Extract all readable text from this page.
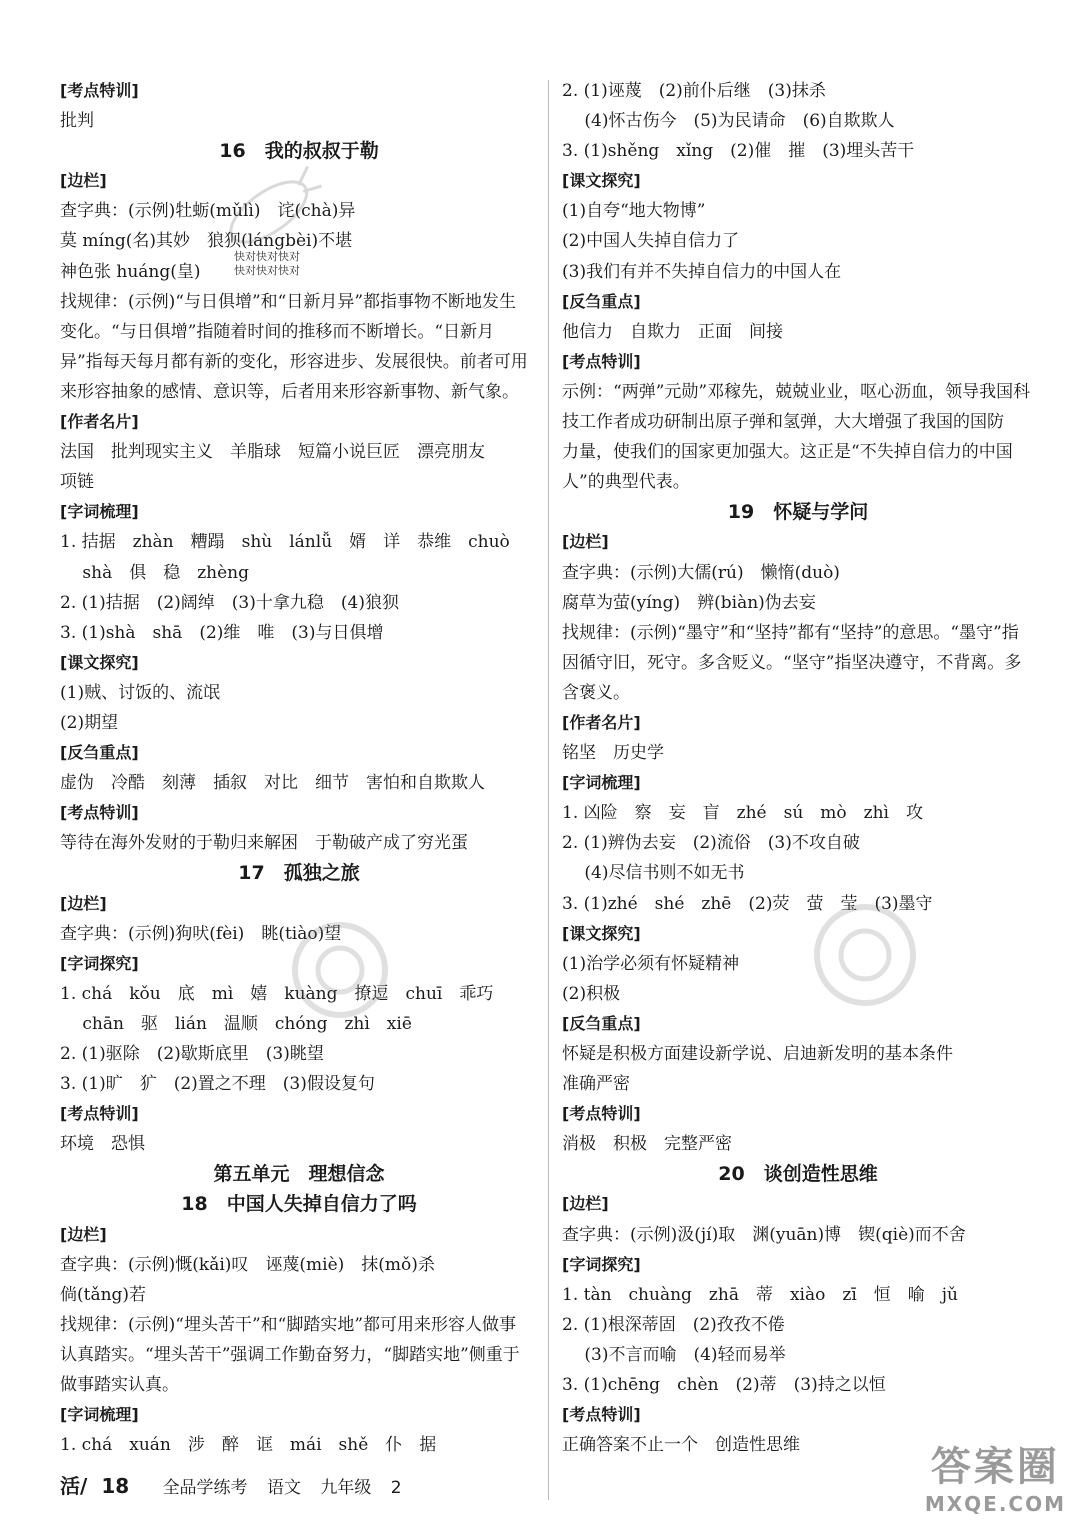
[考点特训]
批判
16　我的叔叔于勒
[边栏]
查字典：(示例)牡蛎(mǔlì)　诧(chà)异
莫 míng(名)其妙　狼狈(lángbèi)不堪
神色张 huáng(皇)
找规律：(示例)“与日俱增”和“日新月异”都指事物不断地发生
变化。“与日俱增”指随着时间的推移而不断增长。“日新月
异”指每天每月都有新的变化，形容进步、发展很快。前者可用
来形容抽象的感情、意识等，后者用来形容新事物、新气象。
[作者名片]
法国　批判现实主义　羊脂球　短篇小说巨匠　漂亮朋友
项链
[字词梳理]
1. 拮据　zhàn　糟蹋　shù　lánlǚ　婿　详　恭维　chuò
　 shà　俱　稳　zhèng
2. (1)拮据　(2)阔绰　(3)十拿九稳　(4)狼狈
3. (1)shà　shā　(2)维　唯　(3)与日俱增
[课文探究]
(1)贼、讨饭的、流氓
(2)期望
[反刍重点]
虚伪　冷酷　刻薄　插叙　对比　细节　害怕和自欺欺人
[考点特训]
等待在海外发财的于勒归来解困　于勒破产成了穷光蛋
17　孤独之旅
[边栏]
查字典：(示例)狗吠(fèi)　眺(tiào)望
[字词探究]
1. chá　kǒu　底　mì　嬉　kuàng　撩逗　chuī　乖巧
　 chān　驱　lián　温顺　chóng　zhì　xiē
2. (1)驱除　(2)歇斯底里　(3)眺望
3. (1)旷　犷　(2)置之不理　(3)假设复句
[考点特训]
环境　恐惧
第五单元　理想信念
18　中国人失掉自信力了吗
[边栏]
查字典：(示例)慨(kǎi)叹　诬蔑(miè)　抹(mǒ)杀
倘(tǎng)若
找规律：(示例)“埋头苦干”和“脚踏实地”都可用来形容人做事
认真踏实。“埋头苦干”强调工作勤奋努力，“脚踏实地”侧重于
做事踏实认真。
[字词梳理]
1. chá　xuán　涉　醉　诓　mái　shě　仆　据
2. (1)诬蔑　(2)前仆后继　(3)抹杀
　 (4)怀古伤今　(5)为民请命　(6)自欺欺人
3. (1)shěng　xǐng　(2)催　摧　(3)埋头苦干
[课文探究]
(1)自夸“地大物博”
(2)中国人失掉自信力了
(3)我们有并不失掉自信力的中国人在
[反刍重点]
他信力　自欺力　正面　间接
[考点特训]
示例：“两弹”元勋”邓稼先，兢兢业业，呕心沥血，领导我国科
技工作者成功研制出原子弹和氢弹，大大增强了我国的国防
力量，使我们的国家更加强大。这正是“不失掉自信力的中国
人”的典型代表。
19　怀疑与学问
[边栏]
查字典：(示例)大儒(rú)　懒惰(duò)
腐草为萤(yíng)　辨(biàn)伪去妄
找规律：(示例)“墨守”和“坚持”都有“坚持”的意思。“墨守”指
因循守旧，死守。多含贬义。“坚守”指坚决遵守，不背离。多
含褒义。
[作者名片]
铭坚　历史学
[字词梳理]
1. 凶险　察　妄　盲　zhé　sú　mò　zhì　攻
2. (1)辨伪去妄　(2)流俗　(3)不攻自破
　 (4)尽信书则不如无书
3. (1)zhé　shé　zhē　(2)荧　萤　莹　(3)墨守
[课文探究]
(1)治学必须有怀疑精神
(2)积极
[反刍重点]
怀疑是积极方面建设新学说、启迪新发明的基本条件
准确严密
[考点特训]
消极　积极　完整严密
20　谈创造性思维
[边栏]
查字典：(示例)汲(jí)取　渊(yuān)博　锲(qiè)而不舍
[字词探究]
1. tàn　chuàng　zhā　蒂　xiào　zī　恒　喻　jǔ
2. (1)根深蒂固　(2)孜孜不倦
　 (3)不言而喻　(4)轻而易举
3. (1)chēng　chèn　(2)蒂　(3)持之以恒
[考点特训]
正确答案不止一个　创造性思维
快对快对快对
快对快对快对
活/ 18 全品学练考 语文 九年级 2	答案圈
MXQE.COM
